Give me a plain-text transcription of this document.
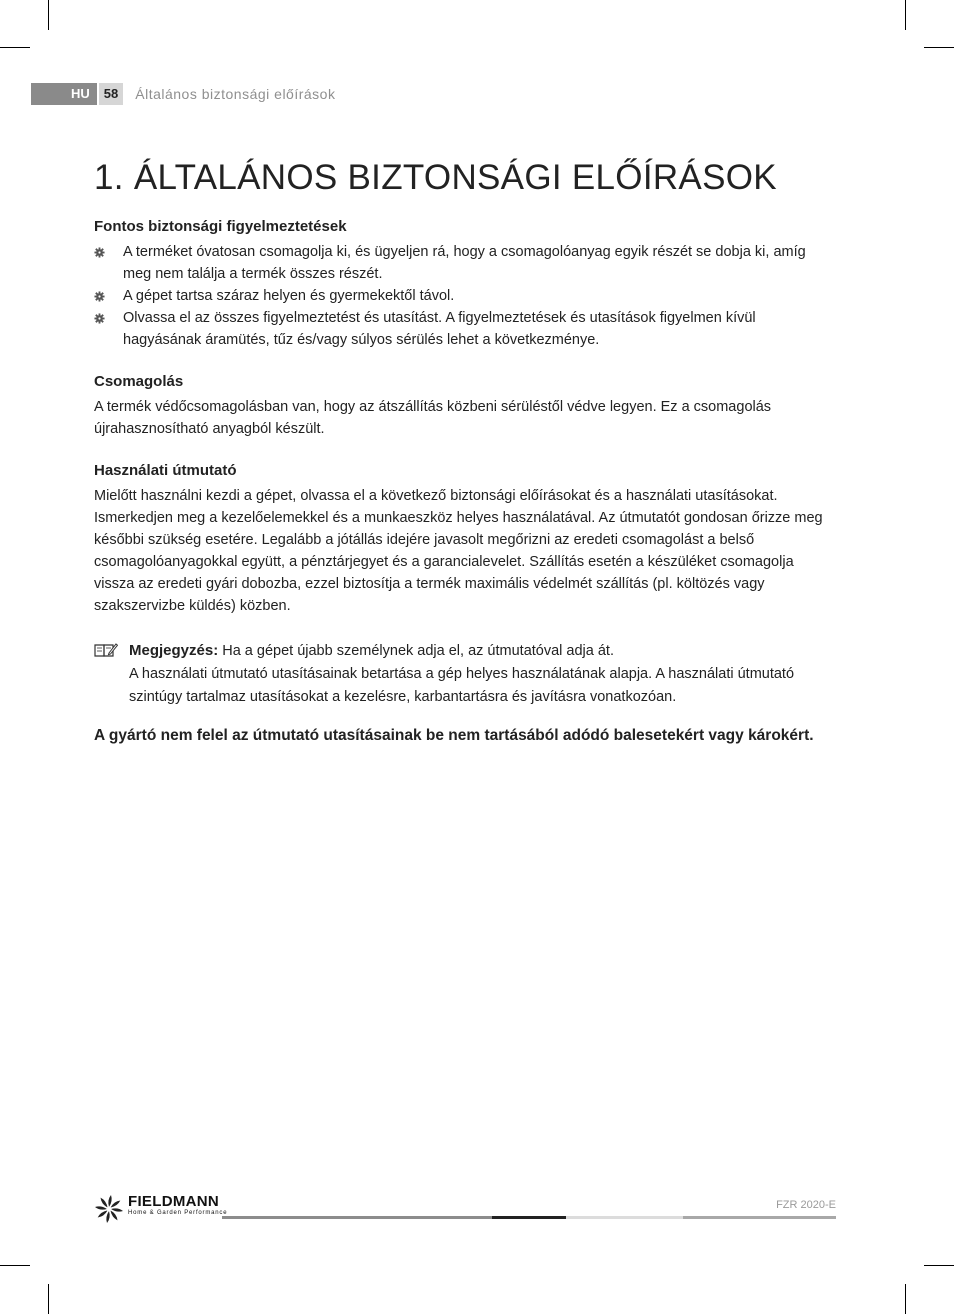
HU	58	Általános biztonsági előírások
1. ÁLTALÁNOS BIZTONSÁGI ELŐÍRÁSOK
Fontos biztonsági figyelmeztetések
A terméket óvatosan csomagolja ki, és ügyeljen rá, hogy a csomagolóanyag egyik részét se dobja ki, amíg meg nem találja a termék összes részét.
A gépet tartsa száraz helyen és gyermekektől távol.
Olvassa el az összes figyelmeztetést és utasítást. A figyelmeztetések és utasítások figyelmen kívül hagyásának áramütés, tűz és/vagy súlyos sérülés lehet a következménye.
Csomagolás

A termék védőcsomagolásban van, hogy az átszállítás közbeni sérüléstől védve legyen. Ez a csomagolás újrahasznosítható anyagból készült.

Használati útmutató

Mielőtt használni kezdi a gépet, olvassa el a következő biztonsági előírásokat és a használati utasításokat. Ismerkedjen meg a kezelőelemekkel és a munkaeszköz helyes használatával. Az útmutatót gondosan őrizze meg későbbi szükség esetére. Legalább a jótállás idejére javasolt megőrizni az eredeti csomagolást a belső csomagolóanyagokkal együtt, a pénztárjegyet és a garancialevelet. Szállítás esetén a készüléket csomagolja vissza az eredeti gyári dobozba, ezzel biztosítja a termék maximális védelmét szállítás (pl. költözés vagy szakszervizbe küldés) közben.

Megjegyzés: Ha a gépet újabb személynek adja el, az útmutatóval adja át.

A használati útmutató utasításainak betartása a gép helyes használatának alapja. A használati útmutató szintúgy tartalmaz utasításokat a kezelésre, karbantartásra és javításra vonatkozóan.

A gyártó nem felel az útmutató utasításainak be nem tartásából adódó balesetekért vagy károkért.

FIELDMANN
Home & Garden Performance
FZR 2020-E
